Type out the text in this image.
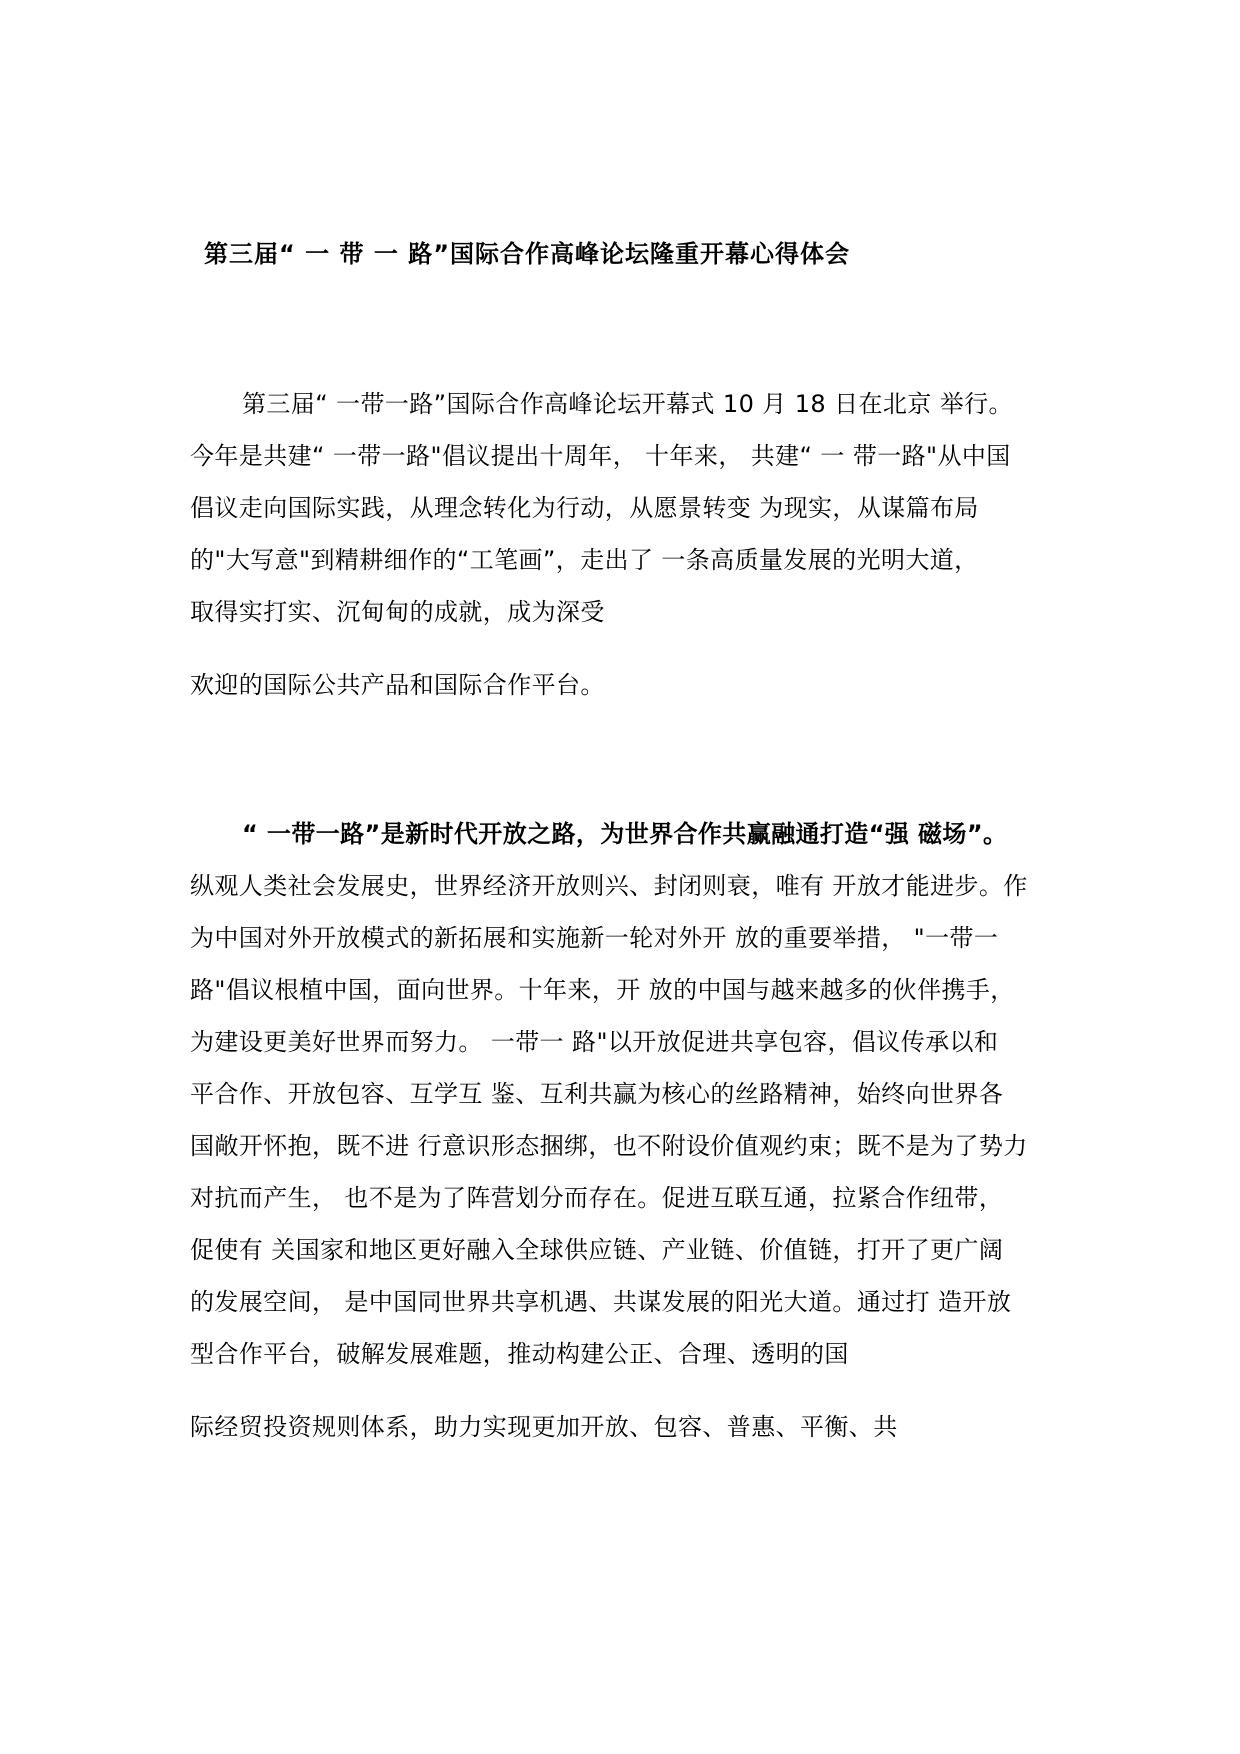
第三届“ 一 带 一 路”国际合作高峰论坛隆重开幕心得体会
第三届“ 一带一路”国际合作高峰论坛开幕式 10 月 18 日在北京 举行。
今年是共建“ 一带一路"倡议提出十周年， 十年来， 共建“ 一 带一路"从中国
倡议走向国际实践，从理念转化为行动，从愿景转变 为现实，从谋篇布局
的"大写意"到精耕细作的“工笔画”，走出了 一条高质量发展的光明大道，
取得实打实、沉甸甸的成就，成为深受
欢迎的国际公共产品和国际合作平台。
“ 一带一路”是新时代开放之路，为世界合作共赢融通打造“强 磁场”。
纵观人类社会发展史，世界经济开放则兴、封闭则衰，唯有 开放才能进步。作
为中国对外开放模式的新拓展和实施新一轮对外开 放的重要举措， "一带一
路"倡议根植中国，面向世界。十年来，开 放的中国与越来越多的伙伴携手，
为建设更美好世界而努力。 一带一 路"以开放促进共享包容，倡议传承以和
平合作、开放包容、互学互 鉴、互利共赢为核心的丝路精神，始终向世界各
国敞开怀抱，既不进 行意识形态捆绑，也不附设价值观约束；既不是为了势力
对抗而产生， 也不是为了阵营划分而存在。促进互联互通，拉紧合作纽带，
促使有 关国家和地区更好融入全球供应链、产业链、价值链，打开了更广阔
的发展空间， 是中国同世界共享机遇、共谋发展的阳光大道。通过打 造开放
型合作平台，破解发展难题，推动构建公正、合理、透明的国
际经贸投资规则体系，助力实现更加开放、包容、普惠、平衡、共
